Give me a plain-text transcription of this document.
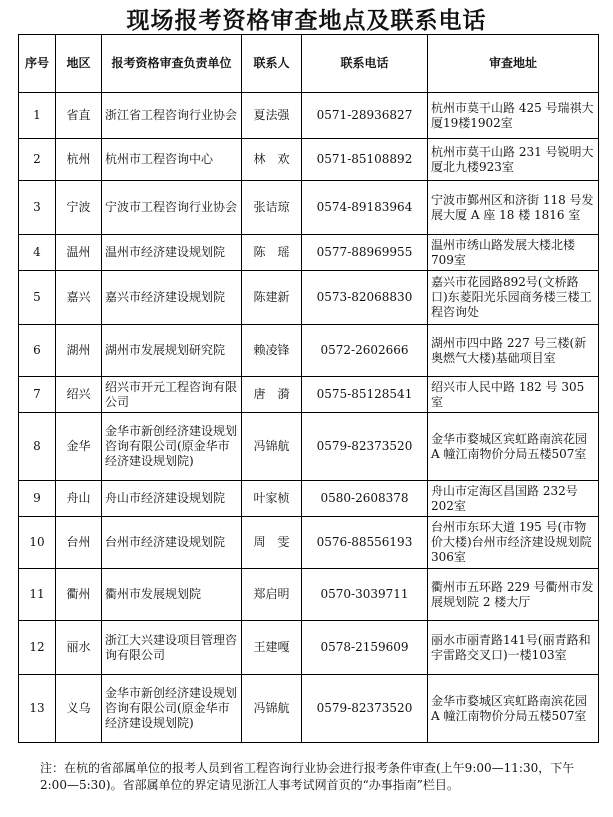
现场报考资格审查地点及联系电话
序号	地区	报考资格审查负责单位	联系人	联系电话	审查地址
1	省直	浙江省工程咨询行业协会	夏法强	0571-28936827	杭州市莫干山路 425 号瑞祺大厦19楼1902室
2	杭州	杭州市工程咨询中心	林　欢	0571-85108892	杭州市莫干山路 231 号锐明大厦北九楼923室
3	宁波	宁波市工程咨询行业协会	张诘琼	0574-89183964	宁波市鄞州区和济街 118 号发展大厦 A 座 18 楼 1816 室
4	温州	温州市经济建设规划院	陈　瑶	0577-88969955	温州市绣山路发展大楼北楼709室
5	嘉兴	嘉兴市经济建设规划院	陈建新	0573-82068830	嘉兴市花园路892号(文桥路口)东菱阳光乐园商务楼三楼工程咨询处
6	湖州	湖州市发展规划研究院	赖凌锋	0572-2602666	湖州市四中路 227 号三楼(新奥燃气大楼)基础项目室
7	绍兴	绍兴市开元工程咨询有限公司	唐　漪	0575-85128541	绍兴市人民中路 182 号 305室
8	金华	金华市新创经济建设规划咨询有限公司(原金华市经济建设规划院)	冯锦航	0579-82373520	金华市婺城区宾虹路南滨花园 A 幢江南物价分局五楼507室
9	舟山	舟山市经济建设规划院	叶家桢	0580-2608378	舟山市定海区昌国路 232号202室
10	台州	台州市经济建设规划院	周　雯	0576-88556193	台州市东环大道 195 号(市物价大楼)台州市经济建设规划院306室
11	衢州	衢州市发展规划院	郑启明	0570-3039711	衢州市五环路 229 号衢州市发展规划院 2 楼大厅
12	丽水	浙江大兴建设项目管理咨询有限公司	王建嘎	0578-2159609	丽水市丽青路141号(丽青路和宇雷路交叉口)一楼103室
13	义乌	金华市新创经济建设规划咨询有限公司(原金华市经济建设规划院)	冯锦航	0579-82373520	金华市婺城区宾虹路南滨花园 A 幢江南物价分局五楼507室
注：在杭的省部属单位的报考人员到省工程咨询行业协会进行报考条件审查(上午9:00—11:30，下午2:00—5:30)。省部属单位的界定请见浙江人事考试网首页的“办事指南”栏目。
